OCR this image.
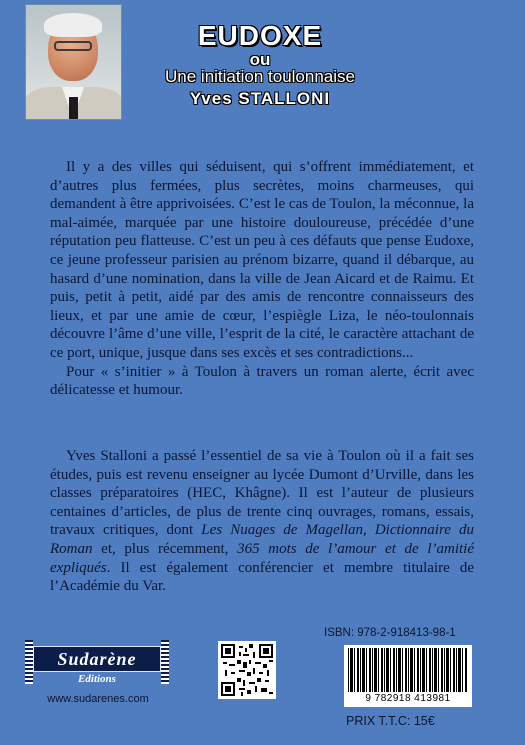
EUDOXE
ou
Une initiation toulonnaise
Yves STALLONI

Il y a des villes qui séduisent, qui s’offrent immédiatement, et d’autres plus fermées, plus secrètes, moins charmeuses, qui demandent à être apprivoisées. C’est le cas de Toulon, la méconnue, la mal-aimée, marquée par une histoire douloureuse, précédée d’une réputation peu flatteuse. C’est un peu à ces défauts que pense Eudoxe, ce jeune professeur parisien au prénom bizarre, quand il débarque, au hasard d’une nomination, dans la ville de Jean Aicard et de Raimu. Et puis, petit à petit, aidé par des amis de rencontre connaisseurs des lieux, et par une amie de cœur, l’espiègle Liza, le néo-toulonnais découvre l’âme d’une ville, l’esprit de la cité, le caractère attachant de ce port, unique, jusque dans ses excès et ses contradictions...

Pour « s’initier » à Toulon à travers un roman alerte, écrit avec délicatesse et humour.

Yves Stalloni a passé l’essentiel de sa vie à Toulon où il a fait ses études, puis est revenu enseigner au lycée Dumont d’Urville, dans les classes préparatoires (HEC, Khâgne). Il est l’auteur de plusieurs centaines d’articles, de plus de trente cinq ouvrages, romans, essais, travaux critiques, dont Les Nuages de Magellan, Dictionnaire du Roman et, plus récemment, 365 mots de l’amour et de l’amitié expliqués. Il est également conférencier et membre titulaire de l’Académie du Var.

Sudarène
Editions
www.sudarenes.com
ISBN: 978-2-918413-98-1
9 782918 413981
PRIX T.T.C: 15€
